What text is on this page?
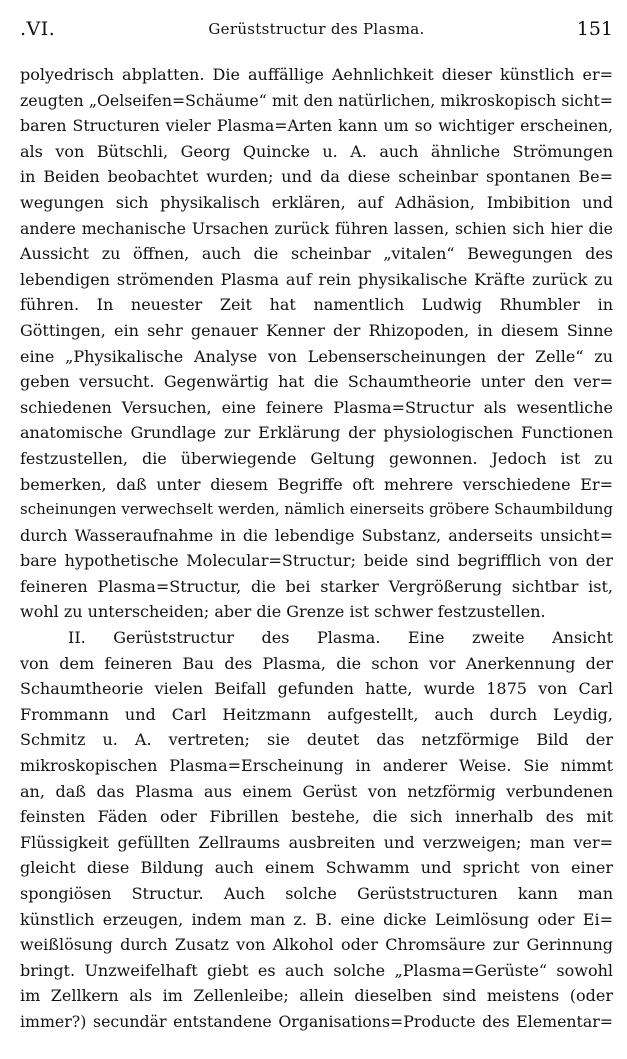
.VI.	Gerüststructur des Plasma.	151
polyedrisch abplatten. Die auffällige Aehnlichkeit dieser künstlich er=
zeugten „Oelseifen=Schäume“ mit den natürlichen, mikroskopisch sicht=
baren Structuren vieler Plasma=Arten kann um so wichtiger erscheinen,
als von Bütschli, Georg Quincke u. A. auch ähnliche Strömungen
in Beiden beobachtet wurden; und da diese scheinbar spontanen Be=
wegungen sich physikalisch erklären, auf Adhäsion, Imbibition und
andere mechanische Ursachen zurück führen lassen, schien sich hier die
Aussicht zu öffnen, auch die scheinbar „vitalen“ Bewegungen des
lebendigen strömenden Plasma auf rein physikalische Kräfte zurück zu
führen. In neuester Zeit hat namentlich Ludwig Rhumbler in
Göttingen, ein sehr genauer Kenner der Rhizopoden, in diesem Sinne
eine „Physikalische Analyse von Lebenserscheinungen der Zelle“ zu
geben versucht. Gegenwärtig hat die Schaumtheorie unter den ver=
schiedenen Versuchen, eine feinere Plasma=Structur als wesentliche
anatomische Grundlage zur Erklärung der physiologischen Functionen
festzustellen, die überwiegende Geltung gewonnen. Jedoch ist zu
bemerken, daß unter diesem Begriffe oft mehrere verschiedene Er=
scheinungen verwechselt werden, nämlich einerseits gröbere Schaumbildung
durch Wasseraufnahme in die lebendige Substanz, anderseits unsicht=
bare hypothetische Molecular=Structur; beide sind begrifflich von der
feineren Plasma=Structur, die bei starker Vergrößerung sichtbar ist,
wohl zu unterscheiden; aber die Grenze ist schwer festzustellen.
II. Gerüststructur des Plasma. Eine zweite Ansicht
von dem feineren Bau des Plasma, die schon vor Anerkennung der
Schaumtheorie vielen Beifall gefunden hatte, wurde 1875 von Carl
Frommann und Carl Heitzmann aufgestellt, auch durch Leydig,
Schmitz u. A. vertreten; sie deutet das netzförmige Bild der
mikroskopischen Plasma=Erscheinung in anderer Weise. Sie nimmt
an, daß das Plasma aus einem Gerüst von netzförmig verbundenen
feinsten Fäden oder Fibrillen bestehe, die sich innerhalb des mit
Flüssigkeit gefüllten Zellraums ausbreiten und verzweigen; man ver=
gleicht diese Bildung auch einem Schwamm und spricht von einer
spongiösen Structur. Auch solche Gerüststructuren kann man
künstlich erzeugen, indem man z. B. eine dicke Leimlösung oder Ei=
weißlösung durch Zusatz von Alkohol oder Chromsäure zur Gerinnung
bringt. Unzweifelhaft giebt es auch solche „Plasma=Gerüste“ sowohl
im Zellkern als im Zellenleibe; allein dieselben sind meistens (oder
immer?) secundär entstandene Organisations=Producte des Elementar=
